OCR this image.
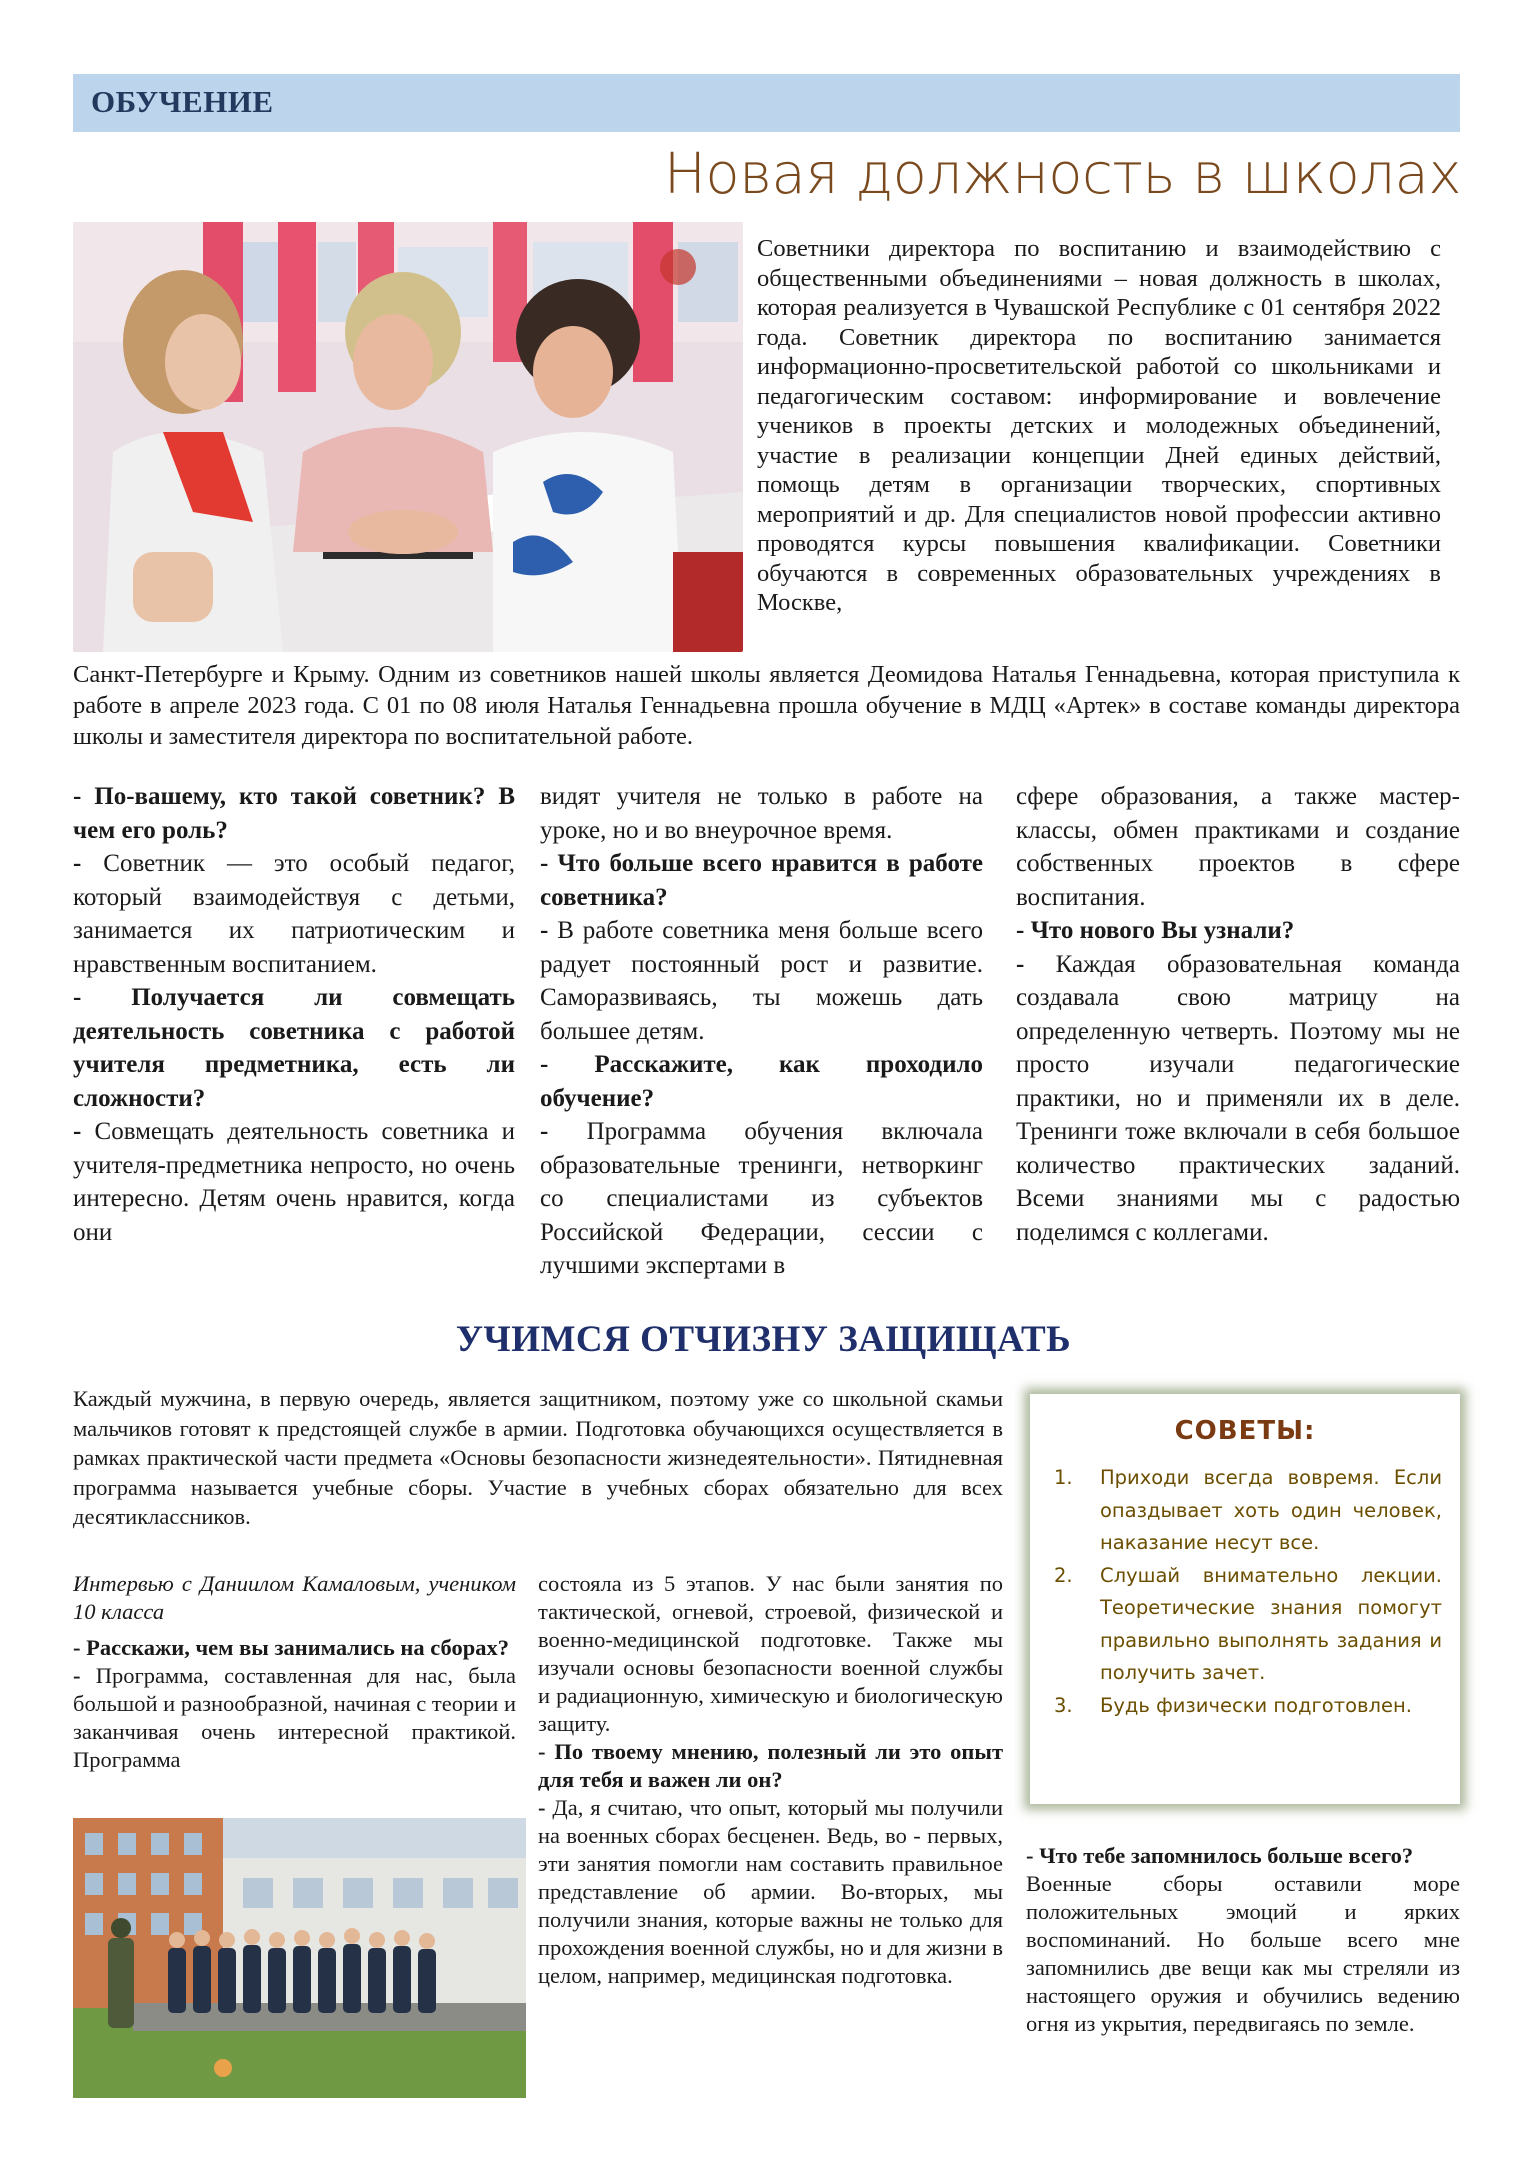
ОБУЧЕНИЕ
Новая должность в школах
Советники директора по воспитанию и взаимодействию с общественными объединениями – новая должность в школах, которая реализуется в Чувашской Республике с 01 сентября 2022 года. Советник директора по воспитанию занимается информационно-просветительской работой со школьниками и педагогическим составом: информирование и вовлечение учеников в проекты детских и молодежных объединений, участие в реализации концепции Дней единых действий, помощь детям в организации творческих, спортивных мероприятий и др. Для специалистов новой профессии активно проводятся курсы повышения квалификации. Советники обучаются в современных образовательных учреждениях в Москве,
Санкт-Петербурге и Крыму. Одним из советников нашей школы является Деомидова Наталья Геннадьевна, которая приступила к работе в апреле 2023 года. С 01 по 08 июля Наталья Геннадьевна прошла обучение в МДЦ «Артек» в составе команды директора школы и заместителя директора по воспитательной работе.

- По-вашему, кто такой советник? В чем его роль?

- Советник — это особый педагог, который взаимодействуя с детьми, занимается их патриотическим и нравственным воспитанием.

- Получается ли совмещать деятельность советника с работой учителя предметника, есть ли сложности?

- Совмещать деятельность советника и учителя-предметника непросто, но очень интересно. Детям очень нравится, когда они

видят учителя не только в работе на уроке, но и во внеурочное время.

- Что больше всего нравится в работе советника?

- В работе советника меня больше всего радует постоянный рост и развитие. Саморазвиваясь, ты можешь дать большее детям.

- Расскажите, как проходило обучение?

- Программа обучения включала образовательные тренинги, нетворкинг со специалистами из субъектов Российской Федерации, сессии с лучшими экспертами в

сфере образования, а также мастер-классы, обмен практиками и создание собственных проектов в сфере воспитания.

- Что нового Вы узнали?

- Каждая образовательная команда создавала свою матрицу на определенную четверть. Поэтому мы не просто изучали педагогические практики, но и применяли их в деле. Тренинги тоже включали в себя большое количество практических заданий. Всеми знаниями мы с радостью поделимся с коллегами.

УЧИМСЯ ОТЧИЗНУ ЗАЩИЩАТЬ
Каждый мужчина, в первую очередь, является защитником, поэтому уже со школьной скамьи мальчиков готовят к предстоящей службе в армии. Подготовка обучающихся осуществляется в рамках практической части предмета «Основы безопасности жизнедеятельности». Пятидневная программа называется учебные сборы. Участие в учебных сборах обязательно для всех десятиклассников.
СОВЕТЫ:
1. Приходи всегда вовремя. Если опаздывает хоть один человек, наказание несут все.
2. Слушай внимательно лекции. Теоретические знания помогут правильно выполнять задания и получить зачет.
3. Будь физически подготовлен.

Интервью с Даниилом Камаловым, учеником 10 класса

- Расскажи, чем вы занимались на сборах?

- Программа, составленная для нас, была большой и разнообразной, начиная с теории и заканчивая очень интересной практикой. Программа

состояла из 5 этапов. У нас были занятия по тактической, огневой, строевой, физической и военно-медицинской подготовке. Также мы изучали основы безопасности военной службы и радиационную, химическую и биологическую защиту.

- По твоему мнению, полезный ли это опыт для тебя и важен ли он?

- Да, я считаю, что опыт, который мы получили на военных сборах бесценен. Ведь, во - первых, эти занятия помогли нам составить правильное представление об армии. Во-вторых, мы получили знания, которые важны не только для прохождения военной службы, но и для жизни в целом, например, медицинская подготовка.

- Что тебе запомнилось больше всего?

Военные сборы оставили море положительных эмоций и ярких воспоминаний. Но больше всего мне запомнились две вещи как мы стреляли из настоящего оружия и обучились ведению огня из укрытия, передвигаясь по земле.
